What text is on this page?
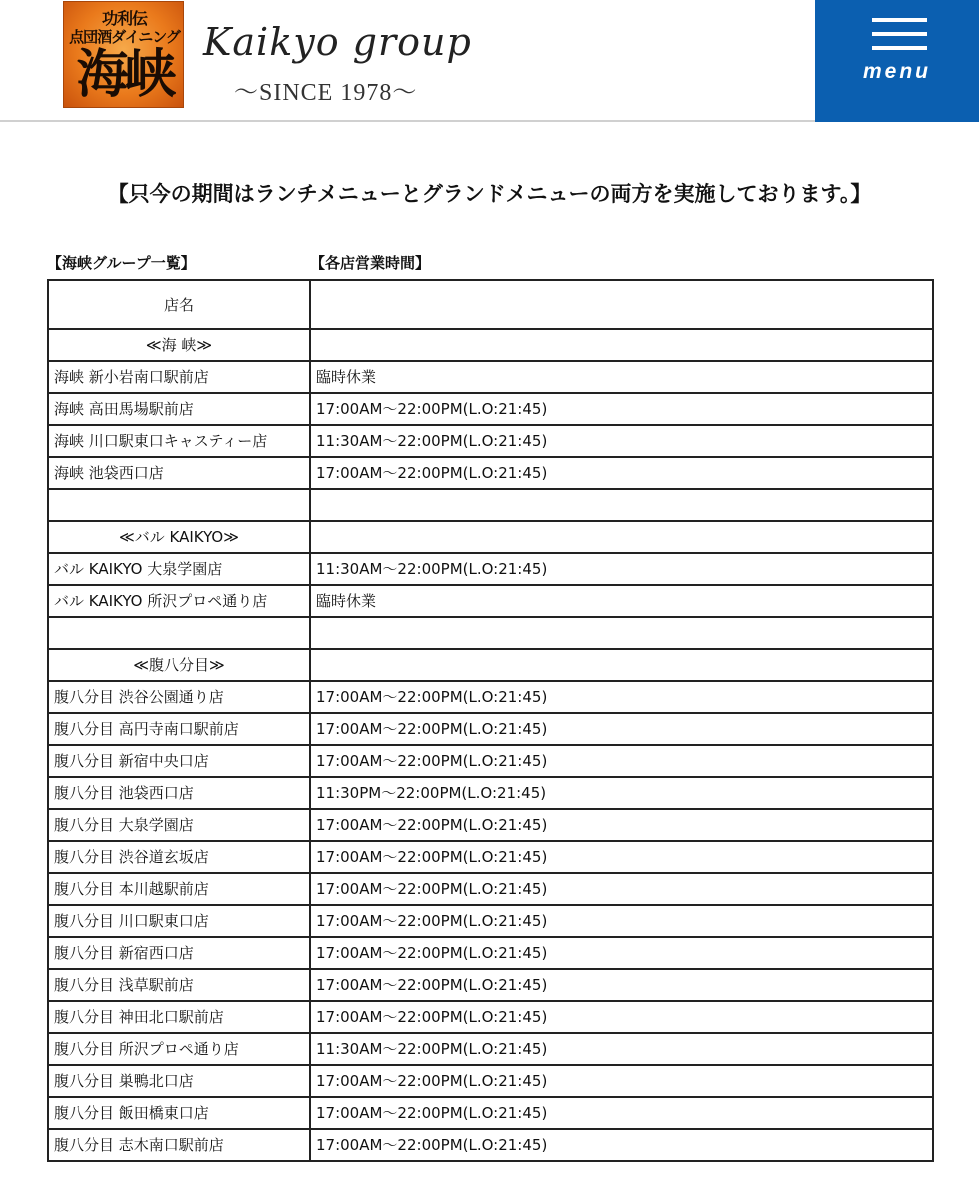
功利伝
点団酒ダイニング
海峡
Kaikyo group
〜SINCE 1978〜
menu
【只今の期間はランチメニューとグランドメニューの両方を実施しております。】
【海峡グループ一覧】	【各店営業時間】
店名	
≪海 峡≫	
海峡 新小岩南口駅前店	臨時休業
海峡 高田馬場駅前店	17:00AM〜22:00PM(L.O:21:45)
海峡 川口駅東口キャスティー店	11:30AM〜22:00PM(L.O:21:45)
海峡 池袋西口店	17:00AM〜22:00PM(L.O:21:45)

≪バル KAIKYO≫	
バル KAIKYO 大泉学園店	11:30AM〜22:00PM(L.O:21:45)
バル KAIKYO 所沢プロペ通り店	臨時休業

≪腹八分目≫	
腹八分目 渋谷公園通り店	17:00AM〜22:00PM(L.O:21:45)
腹八分目 高円寺南口駅前店	17:00AM〜22:00PM(L.O:21:45)
腹八分目 新宿中央口店	17:00AM〜22:00PM(L.O:21:45)
腹八分目 池袋西口店	11:30PM〜22:00PM(L.O:21:45)
腹八分目 大泉学園店	17:00AM〜22:00PM(L.O:21:45)
腹八分目 渋谷道玄坂店	17:00AM〜22:00PM(L.O:21:45)
腹八分目 本川越駅前店	17:00AM〜22:00PM(L.O:21:45)
腹八分目 川口駅東口店	17:00AM〜22:00PM(L.O:21:45)
腹八分目 新宿西口店	17:00AM〜22:00PM(L.O:21:45)
腹八分目 浅草駅前店	17:00AM〜22:00PM(L.O:21:45)
腹八分目 神田北口駅前店	17:00AM〜22:00PM(L.O:21:45)
腹八分目 所沢プロペ通り店	11:30AM〜22:00PM(L.O:21:45)
腹八分目 巣鴨北口店	17:00AM〜22:00PM(L.O:21:45)
腹八分目 飯田橋東口店	17:00AM〜22:00PM(L.O:21:45)
腹八分目 志木南口駅前店	17:00AM〜22:00PM(L.O:21:45)
